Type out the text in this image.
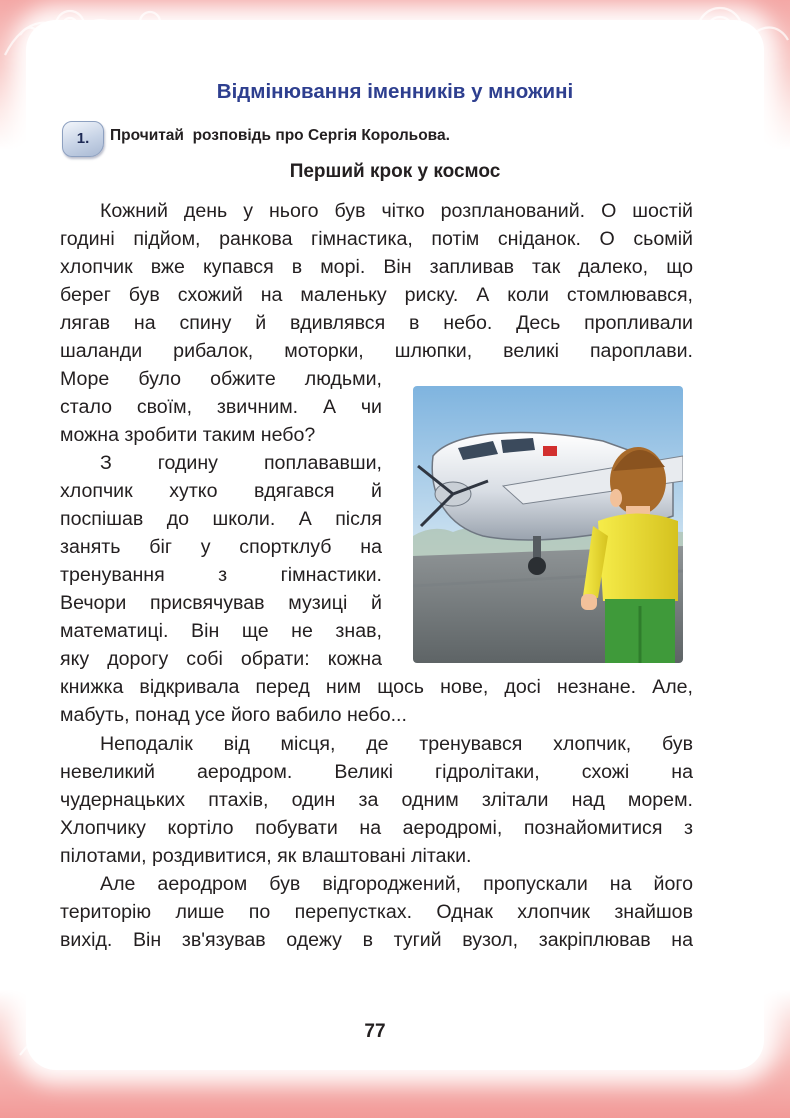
Відмінювання іменників у множині
1.	Прочитай  розповідь про Сергія Корольова.
Перший крок у космос
Кожний день у нього був чітко розпланований. О шостій
годині підйом, ранкова гімнастика, потім сніданок. О сьомій
хлопчик вже купався в морі. Він запливав так далеко, що
берег був схожий на маленьку риску. А коли стомлювався,
лягав на спину й вдивлявся в небо. Десь пропливали
шаланди рибалок, моторки, шлюпки, великі пароплави.
Море було обжите людьми,
стало своїм, звичним. А чи
можна зробити таким небо?
З годину поплававши,
хлопчик хутко вдягався й
поспішав до школи. А після
занять біг у спортклуб на
тренування з гімнастики.
Вечори присвячував музиці й
математиці. Він ще не знав,
яку дорогу собі обрати: кожна
книжка відкривала перед ним щось нове, досі незнане. Але,
мабуть, понад усе його вабило небо...
Неподалік від місця, де тренувався хлопчик, був
невеликий аеродром. Великі гідролітаки, схожі на
чудернацьких птахів, один за одним злітали над морем.
Хлопчику кортіло побувати на аеродромі, познайомитися з
пілотами, роздивитися, як влаштовані літаки.
Але аеродром був відгороджений, пропускали на його
територію лише по перепустках. Однак хлопчик знайшов
вихід. Він зв'язував одежу в тугий вузол, закріплював на
77
